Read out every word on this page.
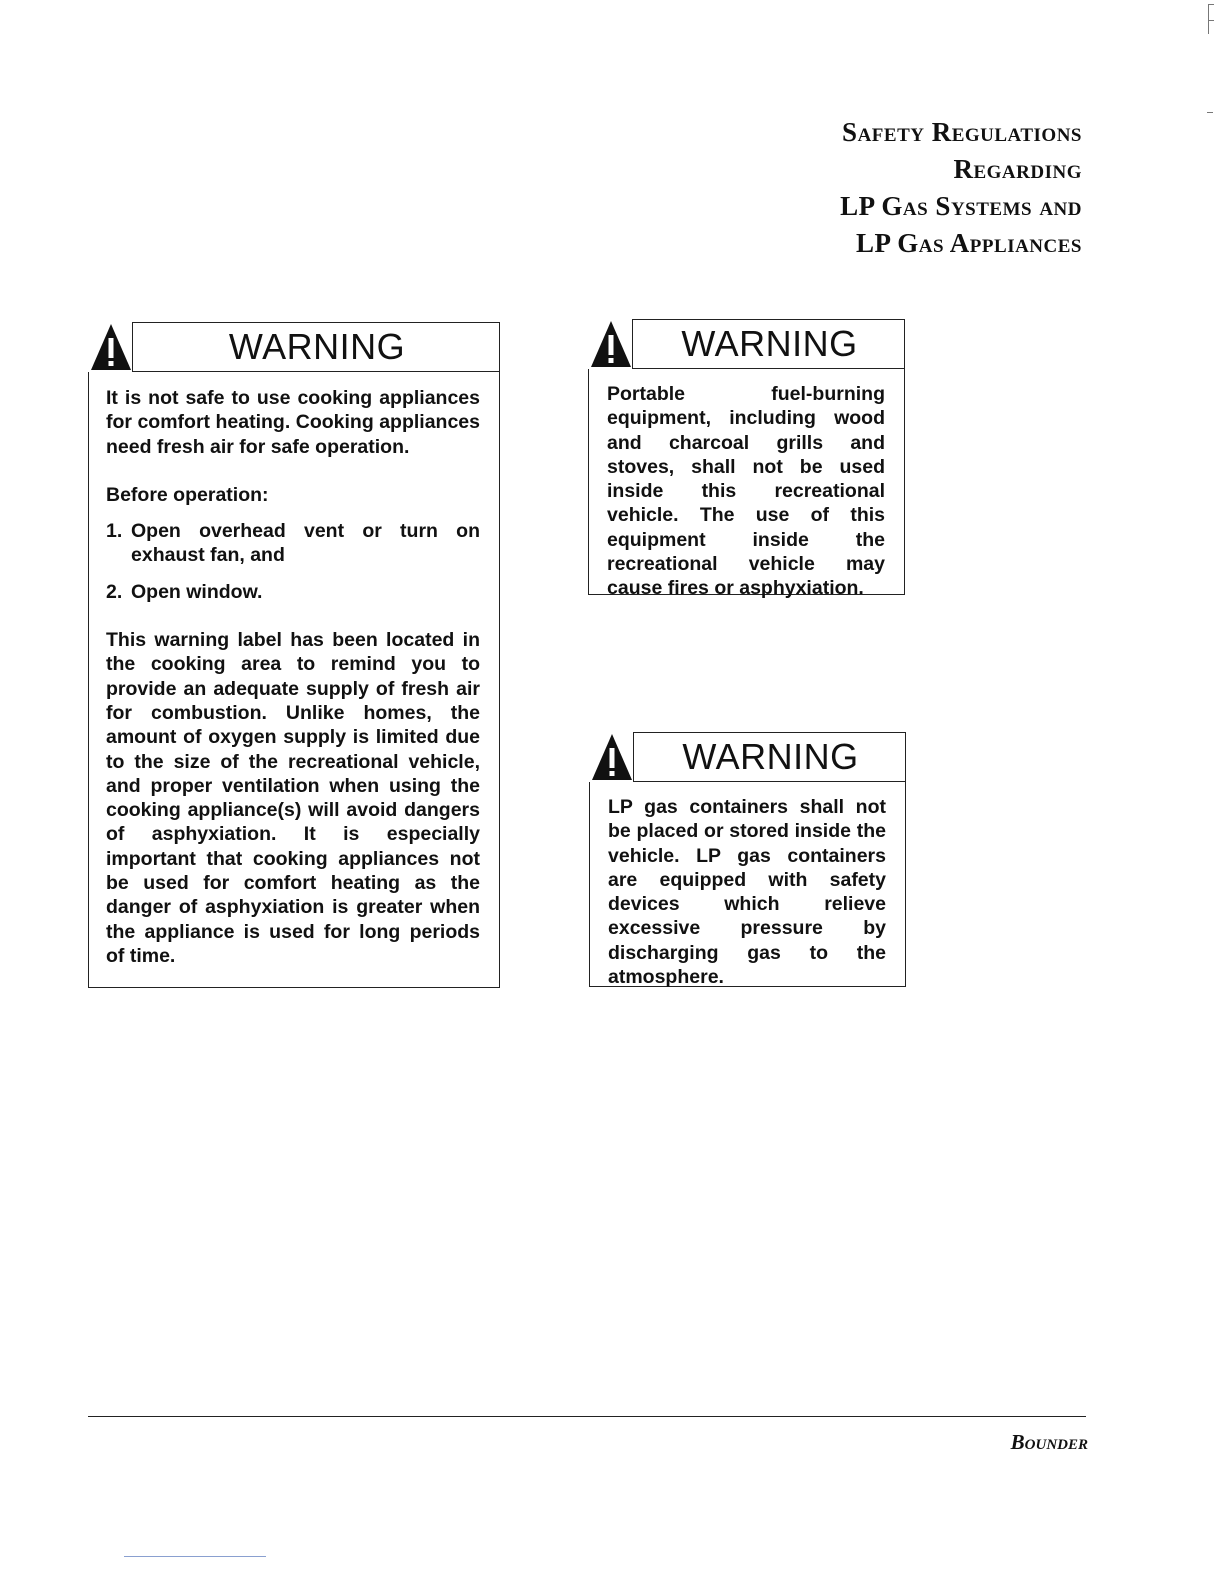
Safety Regulations
Regarding
LP Gas Systems and
LP Gas Appliances
WARNING

It is not safe to use cooking appliances for comfort heating. Cooking appliances need fresh air for safe operation.

Before operation:

1. Open overhead vent or turn on exhaust fan, and
2. Open window.

This warning label has been located in the cooking area to remind you to provide an adequate supply of fresh air for combustion. Unlike homes, the amount of oxygen supply is limited due to the size of the recreational vehicle, and proper ventilation when using the cooking appliance(s) will avoid dangers of asphyxiation. It is especially important that cooking appliances not be used for comfort heating as the danger of asphyxiation is greater when the appliance is used for long periods of time.

WARNING

Portable fuel-burning equipment, including wood and charcoal grills and stoves, shall not be used inside this recreational vehicle. The use of this equipment inside the recreational vehicle may cause fires or asphyxiation.

WARNING

LP gas containers shall not be placed or stored inside the vehicle. LP gas containers are equipped with safety devices which relieve excessive pressure by discharging gas to the atmosphere.

Bounder
